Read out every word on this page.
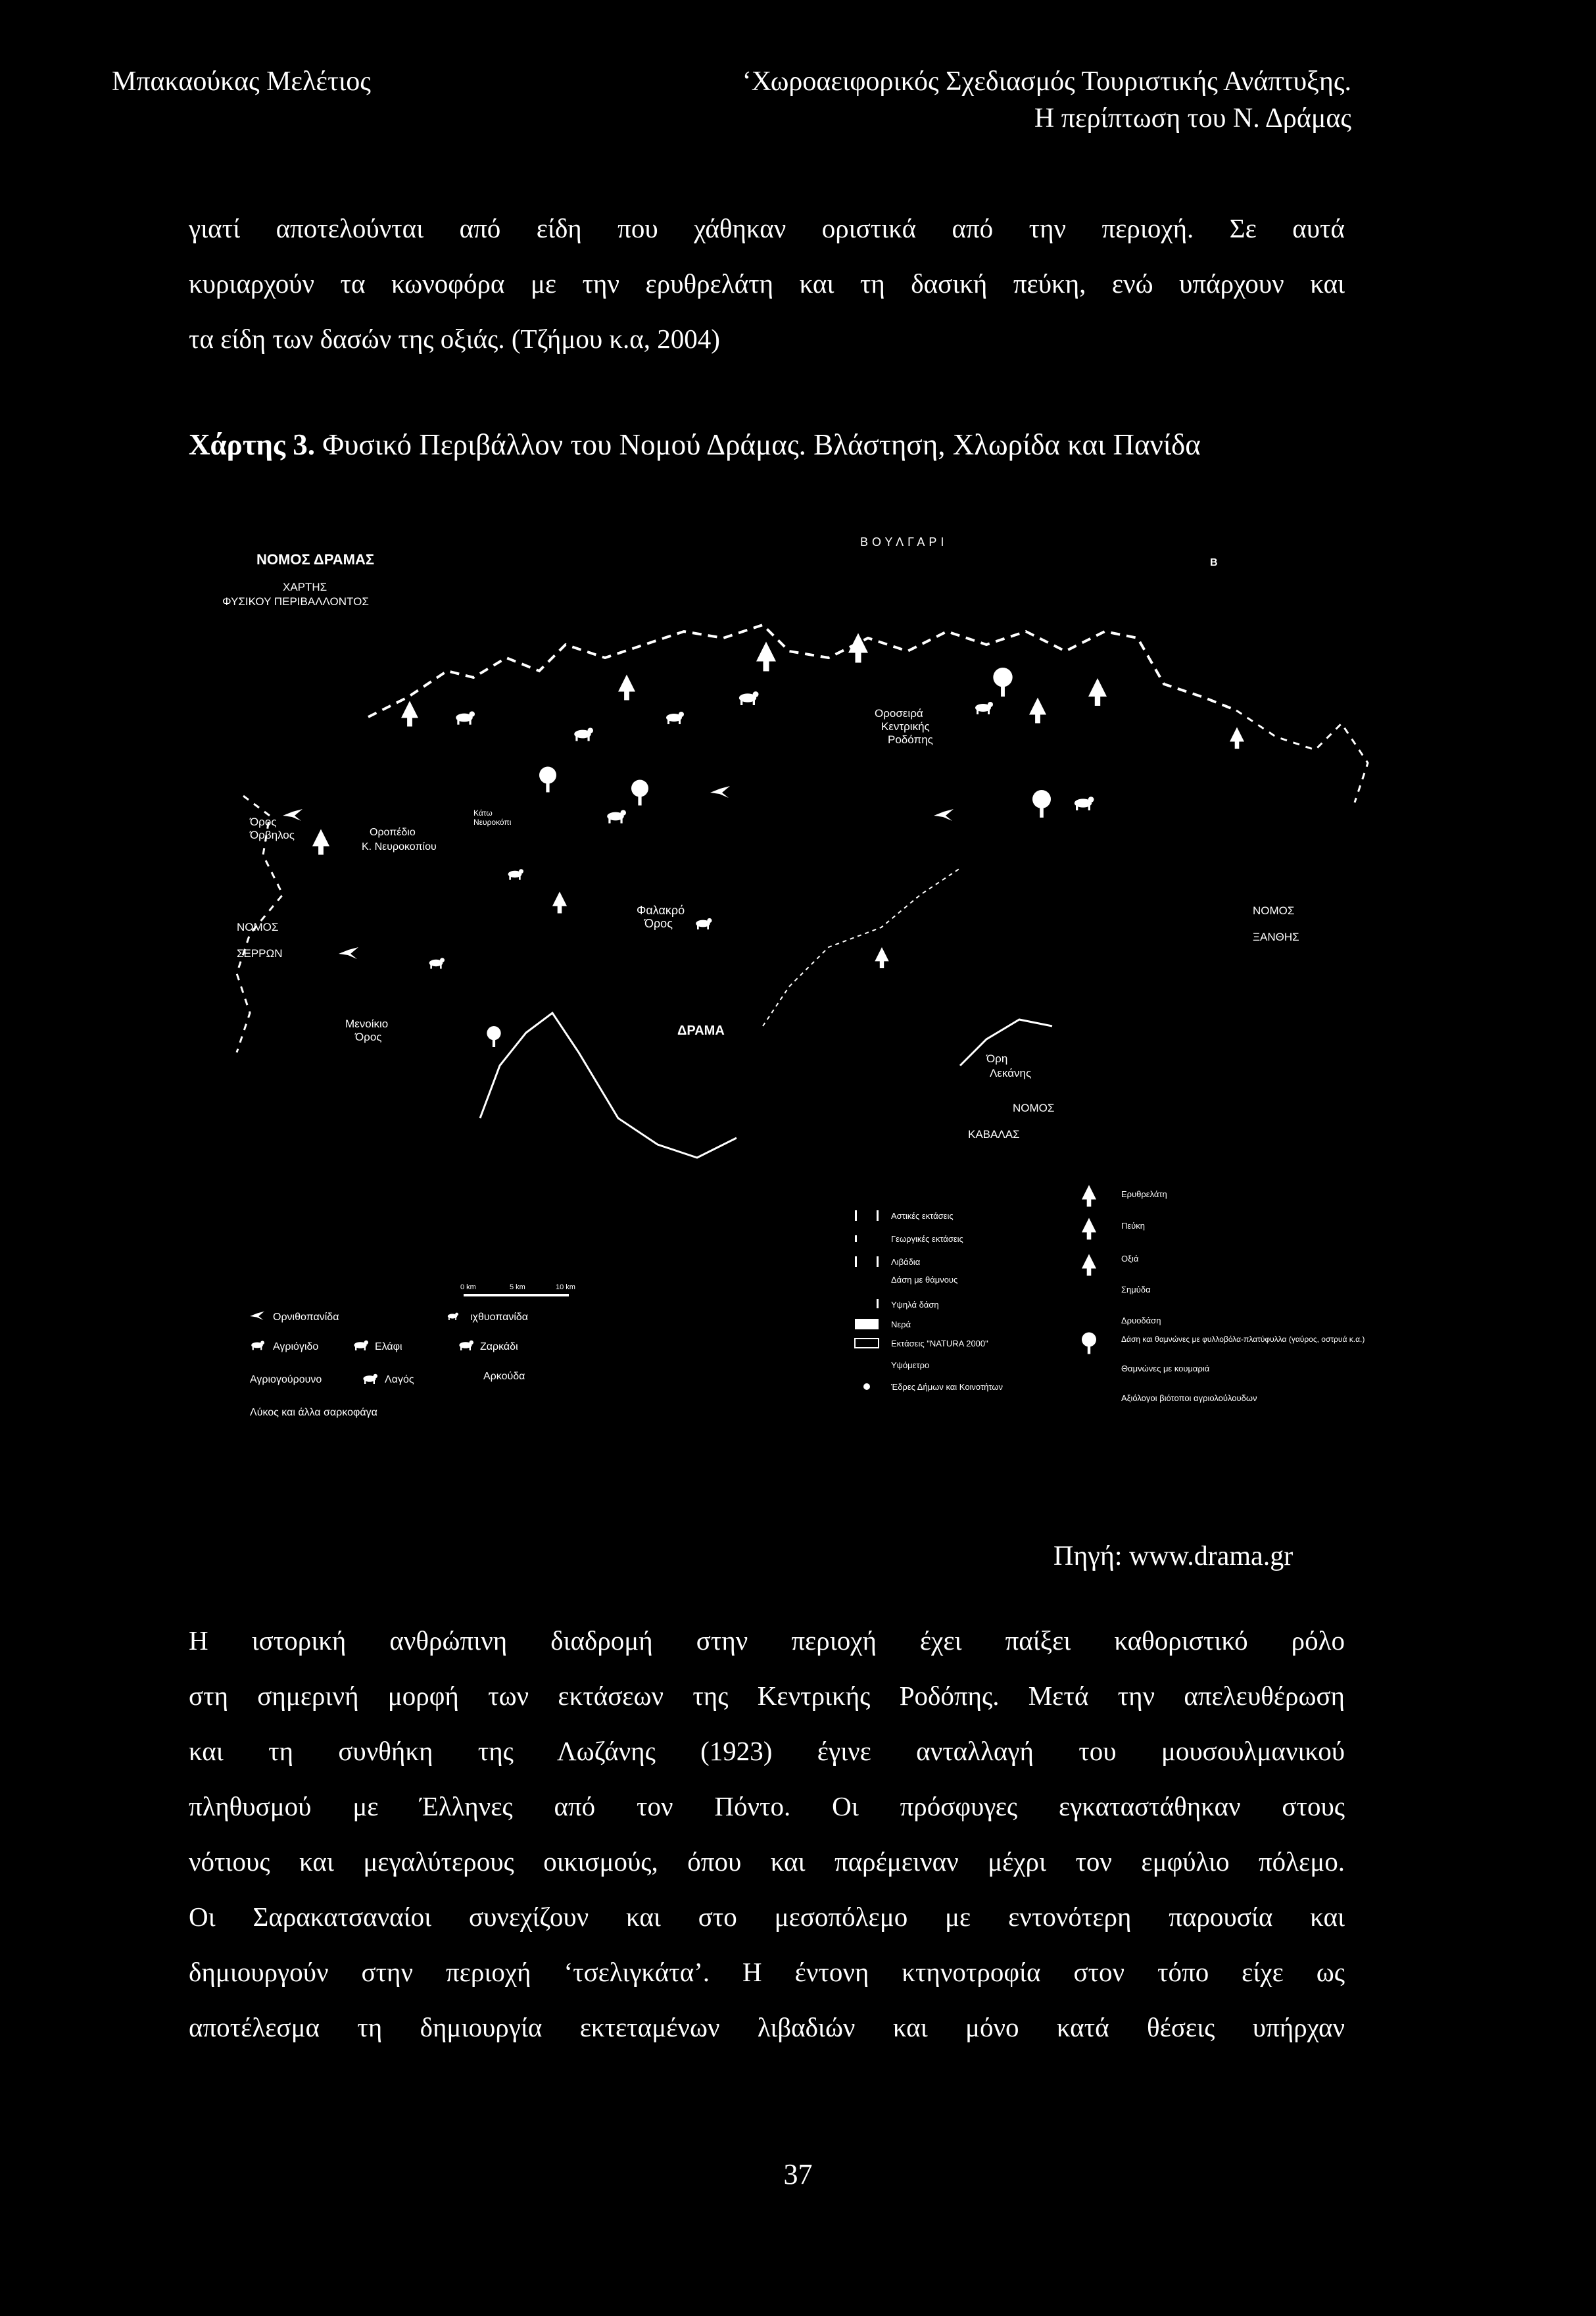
Μπακαούκας Μελέτιος	‘Χωροαειφορικός Σχεδιασμός Τουριστικής Ανάπτυξης.
Η περίπτωση του Ν. Δράμας
γιατί αποτελούνται από είδη που χάθηκαν οριστικά από την περιοχή. Σε αυτά
κυριαρχούν τα κωνοφόρα με την ερυθρελάτη και τη δασική πεύκη, ενώ υπάρχουν και
τα είδη των δασών της οξιάς. (Τζήμου κ.α, 2004)
Χάρτης 3. Φυσικό Περιβάλλον του Νομού Δράμας. Βλάστηση, Χλωρίδα και Πανίδα
ΝΟΜΟΣ ΔΡΑΜΑΣ
ΧΑΡΤΗΣ
ΦΥΣΙΚΟΥ ΠΕΡΙΒΑΛΛΟΝΤΟΣ
ΒΟΥΛΓΑΡΙ
Β
Όρος Όρβηλος	Οροπέδιο
Κ. Νευροκοπίου
Κάτω Νευροκόπι
Οροσειρά Κεντρικής Ροδόπης
Φαλακρό Όρος
ΝΟΜΟΣ ΣΕΡΡΩΝ
ΝΟΜΟΣ ΞΑΝΘΗΣ
Μενοίκιο Όρος	ΔΡΑΜΑ
Όρη Λεκάνης
ΝΟΜΟΣ ΚΑΒΑΛΑΣ
0 km	5 km	10 km
Ορνιθοπανίδα	ιχθυοπανίδα
Αγριόγιδο	Ελάφι	Ζαρκάδι
Αγριογούρουνο	Λαγός	Αρκούδα
Λύκος και άλλα σαρκοφάγα
Αστικές εκτάσεις
Γεωργικές εκτάσεις
Λιβάδια
Δάση με θάμνους
Υψηλά δάση
Νερά
Εκτάσεις "NATURA 2000"
Υψόμετρο
Έδρες Δήμων και Κοινοτήτων
Ερυθρελάτη
Πεύκη
Οξιά
Σημύδα
Δρυοδάση
Δάση και θαμνώνες με φυλλοβόλα-πλατύφυλλα (γαύρος, οστρυά κ.α.)
Θαμνώνες με κουμαριά
Αξιόλογοι βιότοποι αγριολούλουδων
Πηγή: www.drama.gr
Η ιστορική ανθρώπινη διαδρομή στην περιοχή έχει παίξει καθοριστικό ρόλο
στη σημερινή μορφή των εκτάσεων της Κεντρικής Ροδόπης. Μετά την απελευθέρωση
και τη συνθήκη της Λωζάνης (1923) έγινε ανταλλαγή του μουσουλμανικού
πληθυσμού με Έλληνες από τον Πόντο. Οι πρόσφυγες εγκαταστάθηκαν στους
νότιους και μεγαλύτερους οικισμούς, όπου και παρέμειναν μέχρι τον εμφύλιο πόλεμο.
Οι Σαρακατσαναίοι συνεχίζουν και στο μεσοπόλεμο με εντονότερη παρουσία και
δημιουργούν στην περιοχή ‘τσελιγκάτα’. Η έντονη κτηνοτροφία στον τόπο είχε ως
αποτέλεσμα τη δημιουργία εκτεταμένων λιβαδιών και μόνο κατά θέσεις υπήρχαν
37
